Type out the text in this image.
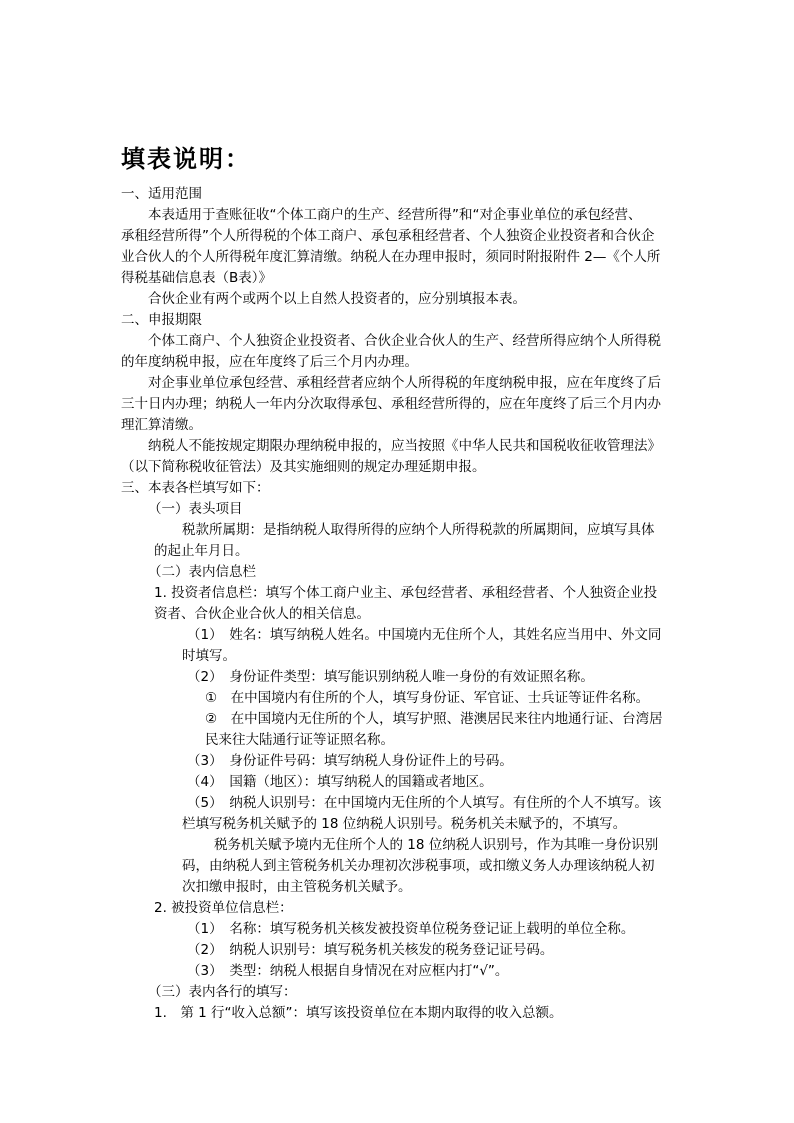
填表说明：
一、适用范围
本表适用于查账征收“个体工商户的生产、经营所得”和“对企事业单位的承包经营、
承租经营所得”个人所得税的个体工商户、承包承租经营者、个人独资企业投资者和合伙企
业合伙人的个人所得税年度汇算清缴。纳税人在办理申报时，须同时附报附件 2—《个人所
得税基础信息表（B表）》
合伙企业有两个或两个以上自然人投资者的，应分别填报本表。
二、申报期限
个体工商户、个人独资企业投资者、合伙企业合伙人的生产、经营所得应纳个人所得税
的年度纳税申报，应在年度终了后三个月内办理。
对企事业单位承包经营、承租经营者应纳个人所得税的年度纳税申报，应在年度终了后
三十日内办理；纳税人一年内分次取得承包、承租经营所得的，应在年度终了后三个月内办
理汇算清缴。
纳税人不能按规定期限办理纳税申报的，应当按照《中华人民共和国税收征收管理法》
（以下简称税收征管法）及其实施细则的规定办理延期申报。
三、本表各栏填写如下：
（一）表头项目
税款所属期：是指纳税人取得所得的应纳个人所得税款的所属期间，应填写具体
的起止年月日。
（二）表内信息栏
1. 投资者信息栏：填写个体工商户业主、承包经营者、承租经营者、个人独资企业投
资者、合伙企业合伙人的相关信息。
（1）　姓名：填写纳税人姓名。中国境内无住所个人，其姓名应当用中、外文同
时填写。
（2）　身份证件类型：填写能识别纳税人唯一身份的有效证照名称。
①　在中国境内有住所的个人，填写身份证、军官证、士兵证等证件名称。
②　在中国境内无住所的个人，填写护照、港澳居民来往内地通行证、台湾居
民来往大陆通行证等证照名称。
（3）　身份证件号码：填写纳税人身份证件上的号码。
（4）　国籍（地区）：填写纳税人的国籍或者地区。
（5）　纳税人识别号：在中国境内无住所的个人填写。有住所的个人不填写。该
栏填写税务机关赋予的 18 位纳税人识别号。税务机关未赋予的，不填写。
税务机关赋予境内无住所个人的 18 位纳税人识别号，作为其唯一身份识别
码，由纳税人到主管税务机关办理初次涉税事项，或扣缴义务人办理该纳税人初
次扣缴申报时，由主管税务机关赋予。
2. 被投资单位信息栏：
（1）　名称：填写税务机关核发被投资单位税务登记证上载明的单位全称。
（2）　纳税人识别号：填写税务机关核发的税务登记证号码。
（3）　类型：纳税人根据自身情况在对应框内打“√”。
（三）表内各行的填写：
1.　第 1 行“收入总额”：填写该投资单位在本期内取得的收入总额。
